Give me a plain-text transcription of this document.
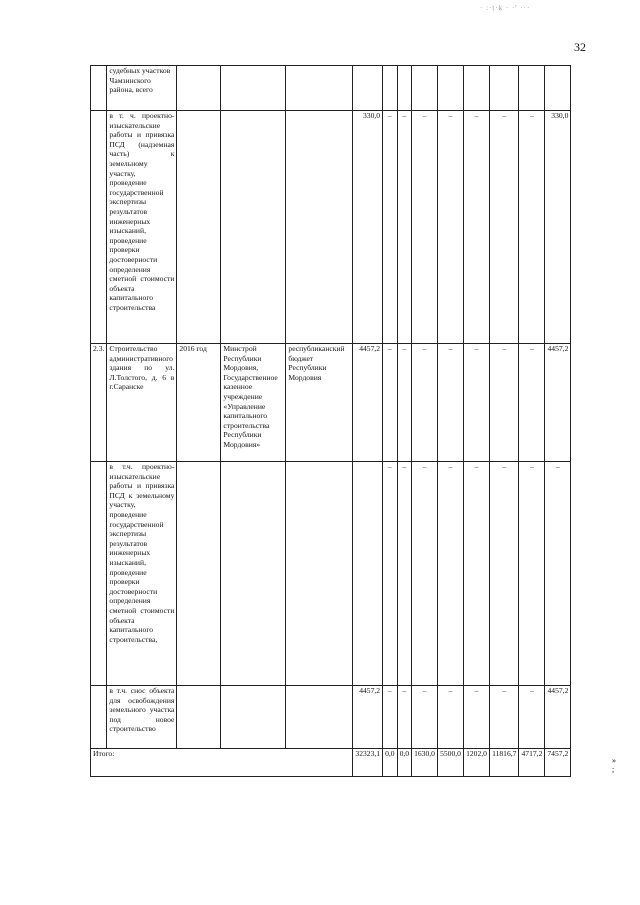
· :·ṭ·ḳ · ·' ···
32
	судебных участков Чамзинского района, всего												
	в т. ч. проектно-изыскательские работы и привязка ПСД (надземная часть) к земельному участку, проведение государственной экспертизы результатов инженерных изысканий, проведение проверки достоверности определения сметной стоимости объекта капитального строительства				330,0	–	–	–	–	–	–	–	330,0
2.3.	Строительство административного здания по ул. Л.Толстого, д. 6 в г.Саранске	2016 год	Минстрой Республики Мордовия, Государственное казенное учреждение «Управление капитального строительства Республики Мордовия»	республиканский бюджет Республики Мордовия	4457,2	–	–	–	–	–	–	–	4457,2
	в т.ч. проектно-изыскательские работы и привязка ПСД к земельному участку, проведение государственной экспертизы результатов инженерных изысканий, проведение проверки достоверности определения сметной стоимости объекта капитального строительства,					–	–	–	–	–	–	–	–
	в т.ч. снос объекта для освобождения земельного участка под новое строительство				4457,2	–	–	–	–	–	–	–	4457,2
Итого:					32323,1	0,0	0,0	1630,0	5500,0	1202,0	11816,7	4717,2	7457,2
»
;
